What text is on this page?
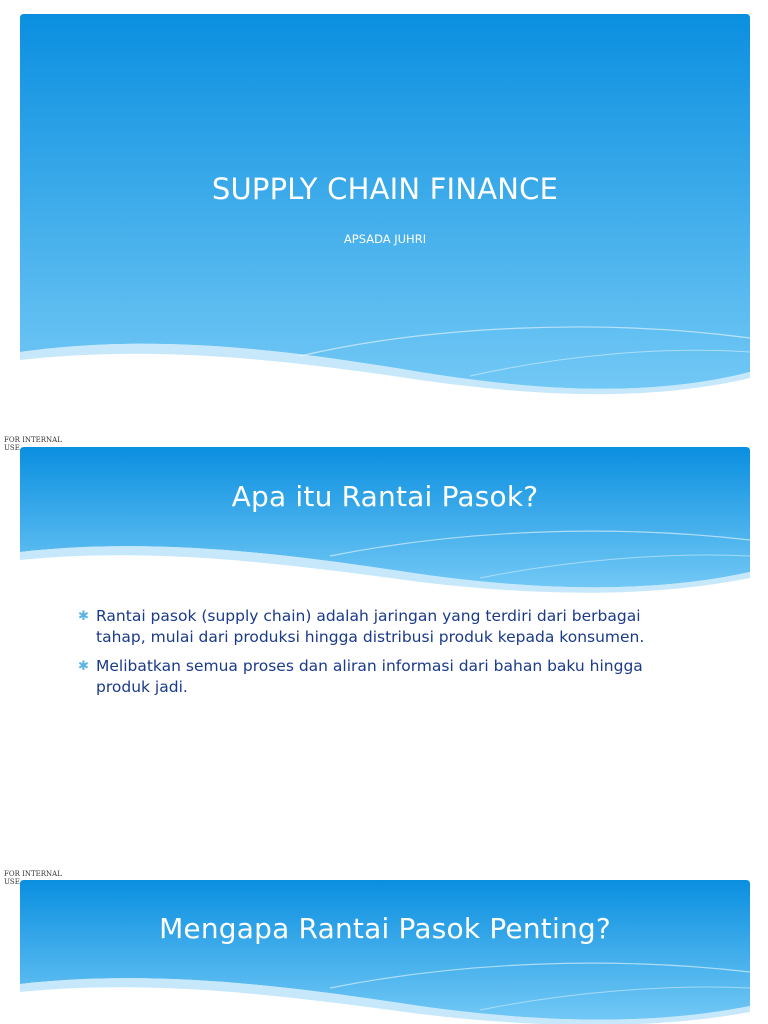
SUPPLY CHAIN FINANCE

APSADA JUHRI

FOR INTERNAL USE
Apa itu Rantai Pasok?
✱ Rantai pasok (supply chain) adalah jaringan yang terdiri dari berbagai tahap, mulai dari produksi hingga distribusi produk kepada konsumen.
✱ Melibatkan semua proses dan aliran informasi dari bahan baku hingga produk jadi.
FOR INTERNAL USE
Mengapa Rantai Pasok Penting?
